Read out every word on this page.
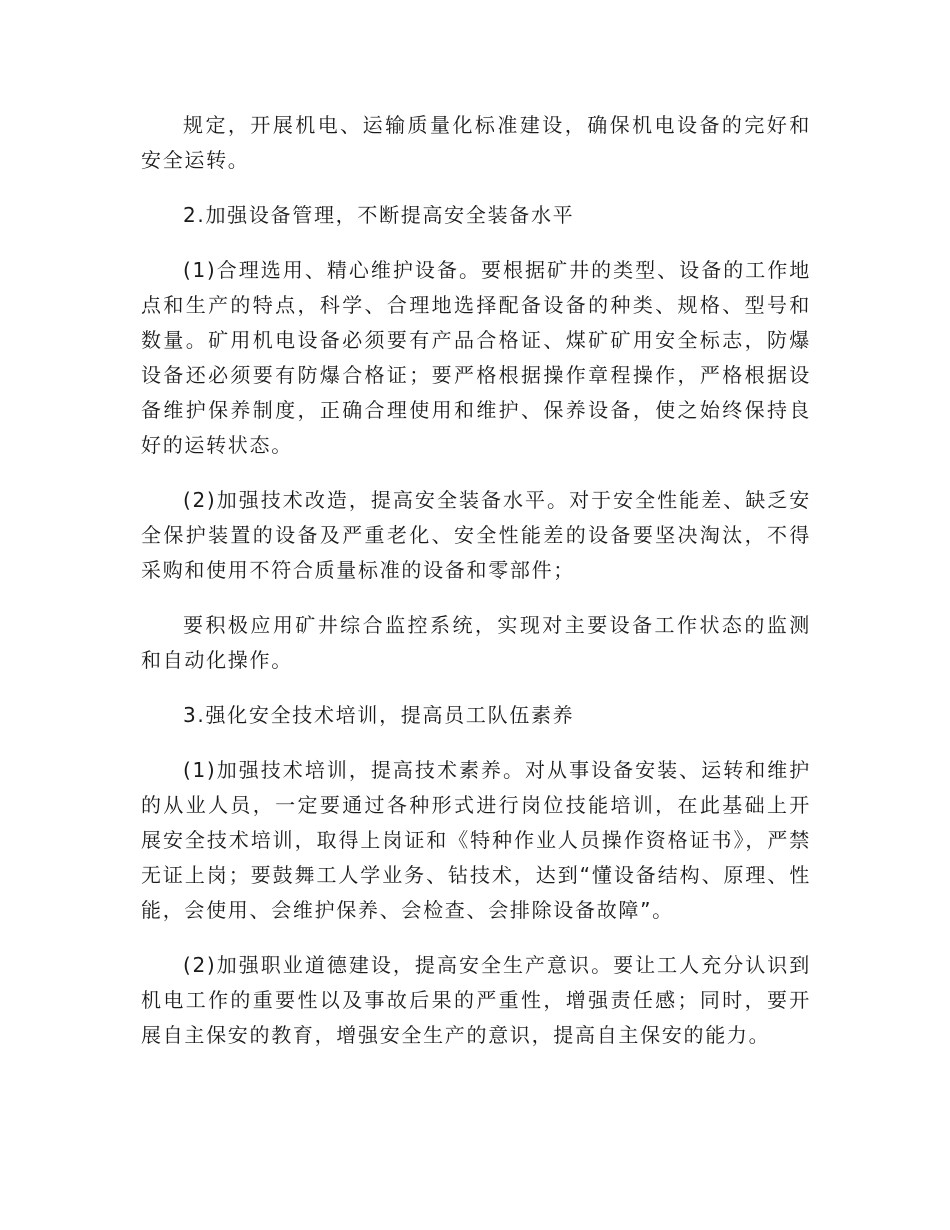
规定，开展机电、运输质量化标准建设，确保机电设备的完好和安全运转。

2.加强设备管理，不断提高安全装备水平

(1)合理选用、精心维护设备。要根据矿井的类型、设备的工作地点和生产的特点，科学、合理地选择配备设备的种类、规格、型号和数量。矿用机电设备必须要有产品合格证、煤矿矿用安全标志，防爆设备还必须要有防爆合格证；要严格根据操作章程操作，严格根据设备维护保养制度，正确合理使用和维护、保养设备，使之始终保持良好的运转状态。

(2)加强技术改造，提高安全装备水平。对于安全性能差、缺乏安全保护装置的设备及严重老化、安全性能差的设备要坚决淘汰，不得采购和使用不符合质量标准的设备和零部件；

要积极应用矿井综合监控系统，实现对主要设备工作状态的监测和自动化操作。

3.强化安全技术培训，提高员工队伍素养

(1)加强技术培训，提高技术素养。对从事设备安装、运转和维护的从业人员，一定要通过各种形式进行岗位技能培训，在此基础上开展安全技术培训，取得上岗证和《特种作业人员操作资格证书》，严禁无证上岗；要鼓舞工人学业务、钻技术，达到“懂设备结构、原理、性能，会使用、会维护保养、会检查、会排除设备故障”。

(2)加强职业道德建设，提高安全生产意识。要让工人充分认识到机电工作的重要性以及事故后果的严重性，增强责任感；同时，要开展自主保安的教育，增强安全生产的意识，提高自主保安的能力。
